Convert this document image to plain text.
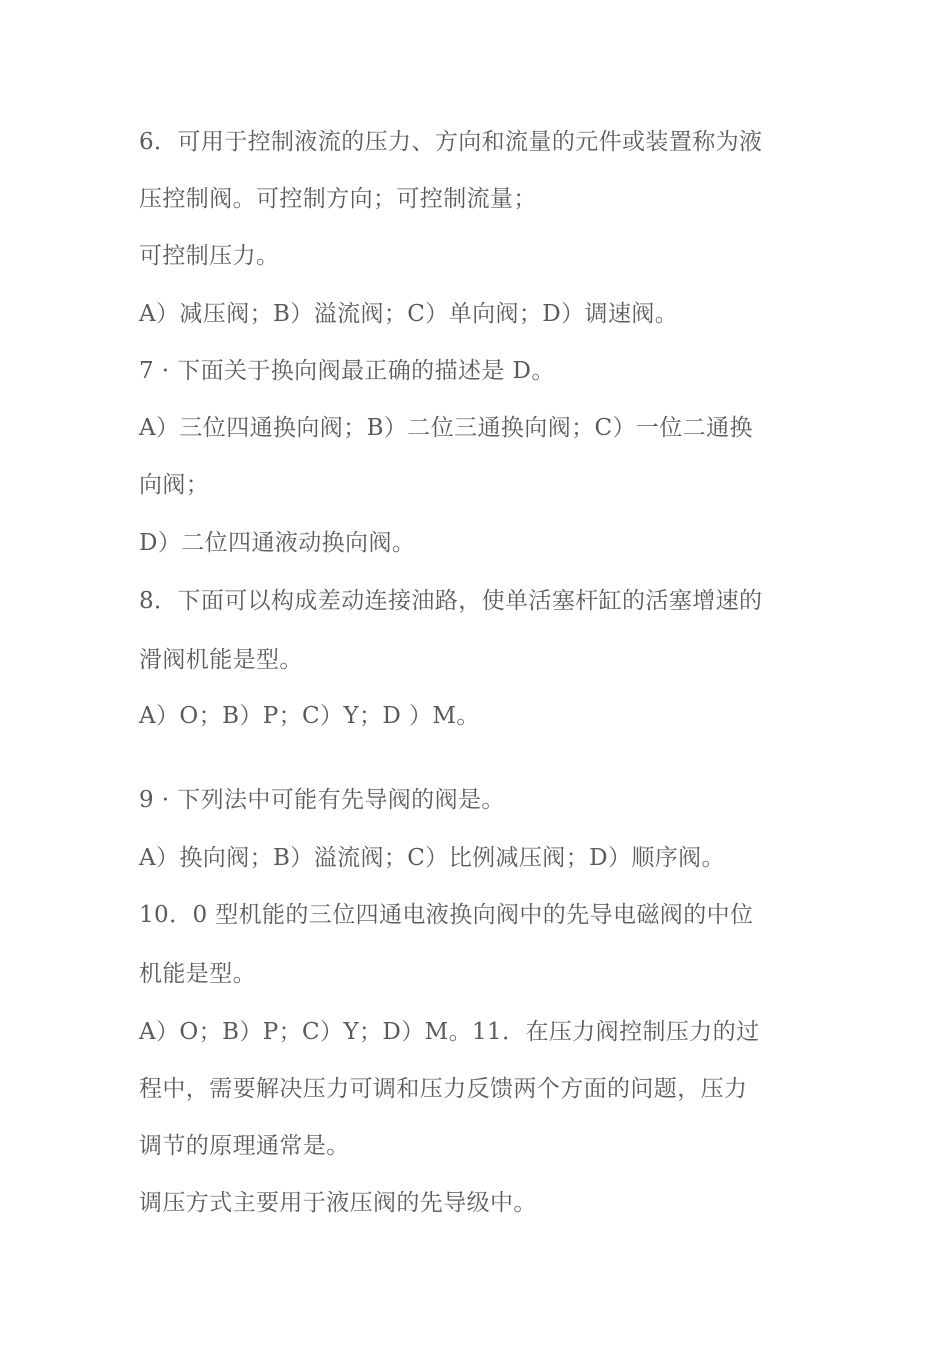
6．可用于控制液流的压力、方向和流量的元件或装置称为液
压控制阀。可控制方向；可控制流量；
可控制压力。
A）减压阀；B）溢流阀；C）单向阀；D）调速阀。
7 · 下面关于换向阀最正确的描述是 D。
A）三位四通换向阀；B）二位三通换向阀；C）一位二通换
向阀；
D）二位四通液动换向阀。
8．下面可以构成差动连接油路，使单活塞杆缸的活塞增速的
滑阀机能是型。
A）O；B）P；C）Y；D ）M。
9 · 下列法中可能有先导阀的阀是。
A）换向阀；B）溢流阀；C）比例减压阀；D）顺序阀。
10．0 型机能的三位四通电液换向阀中的先导电磁阀的中位
机能是型。
A）O；B）P；C）Y；D）M。11．在压力阀控制压力的过
程中，需要解决压力可调和压力反馈两个方面的问题，压力
调节的原理通常是。
调压方式主要用于液压阀的先导级中。
